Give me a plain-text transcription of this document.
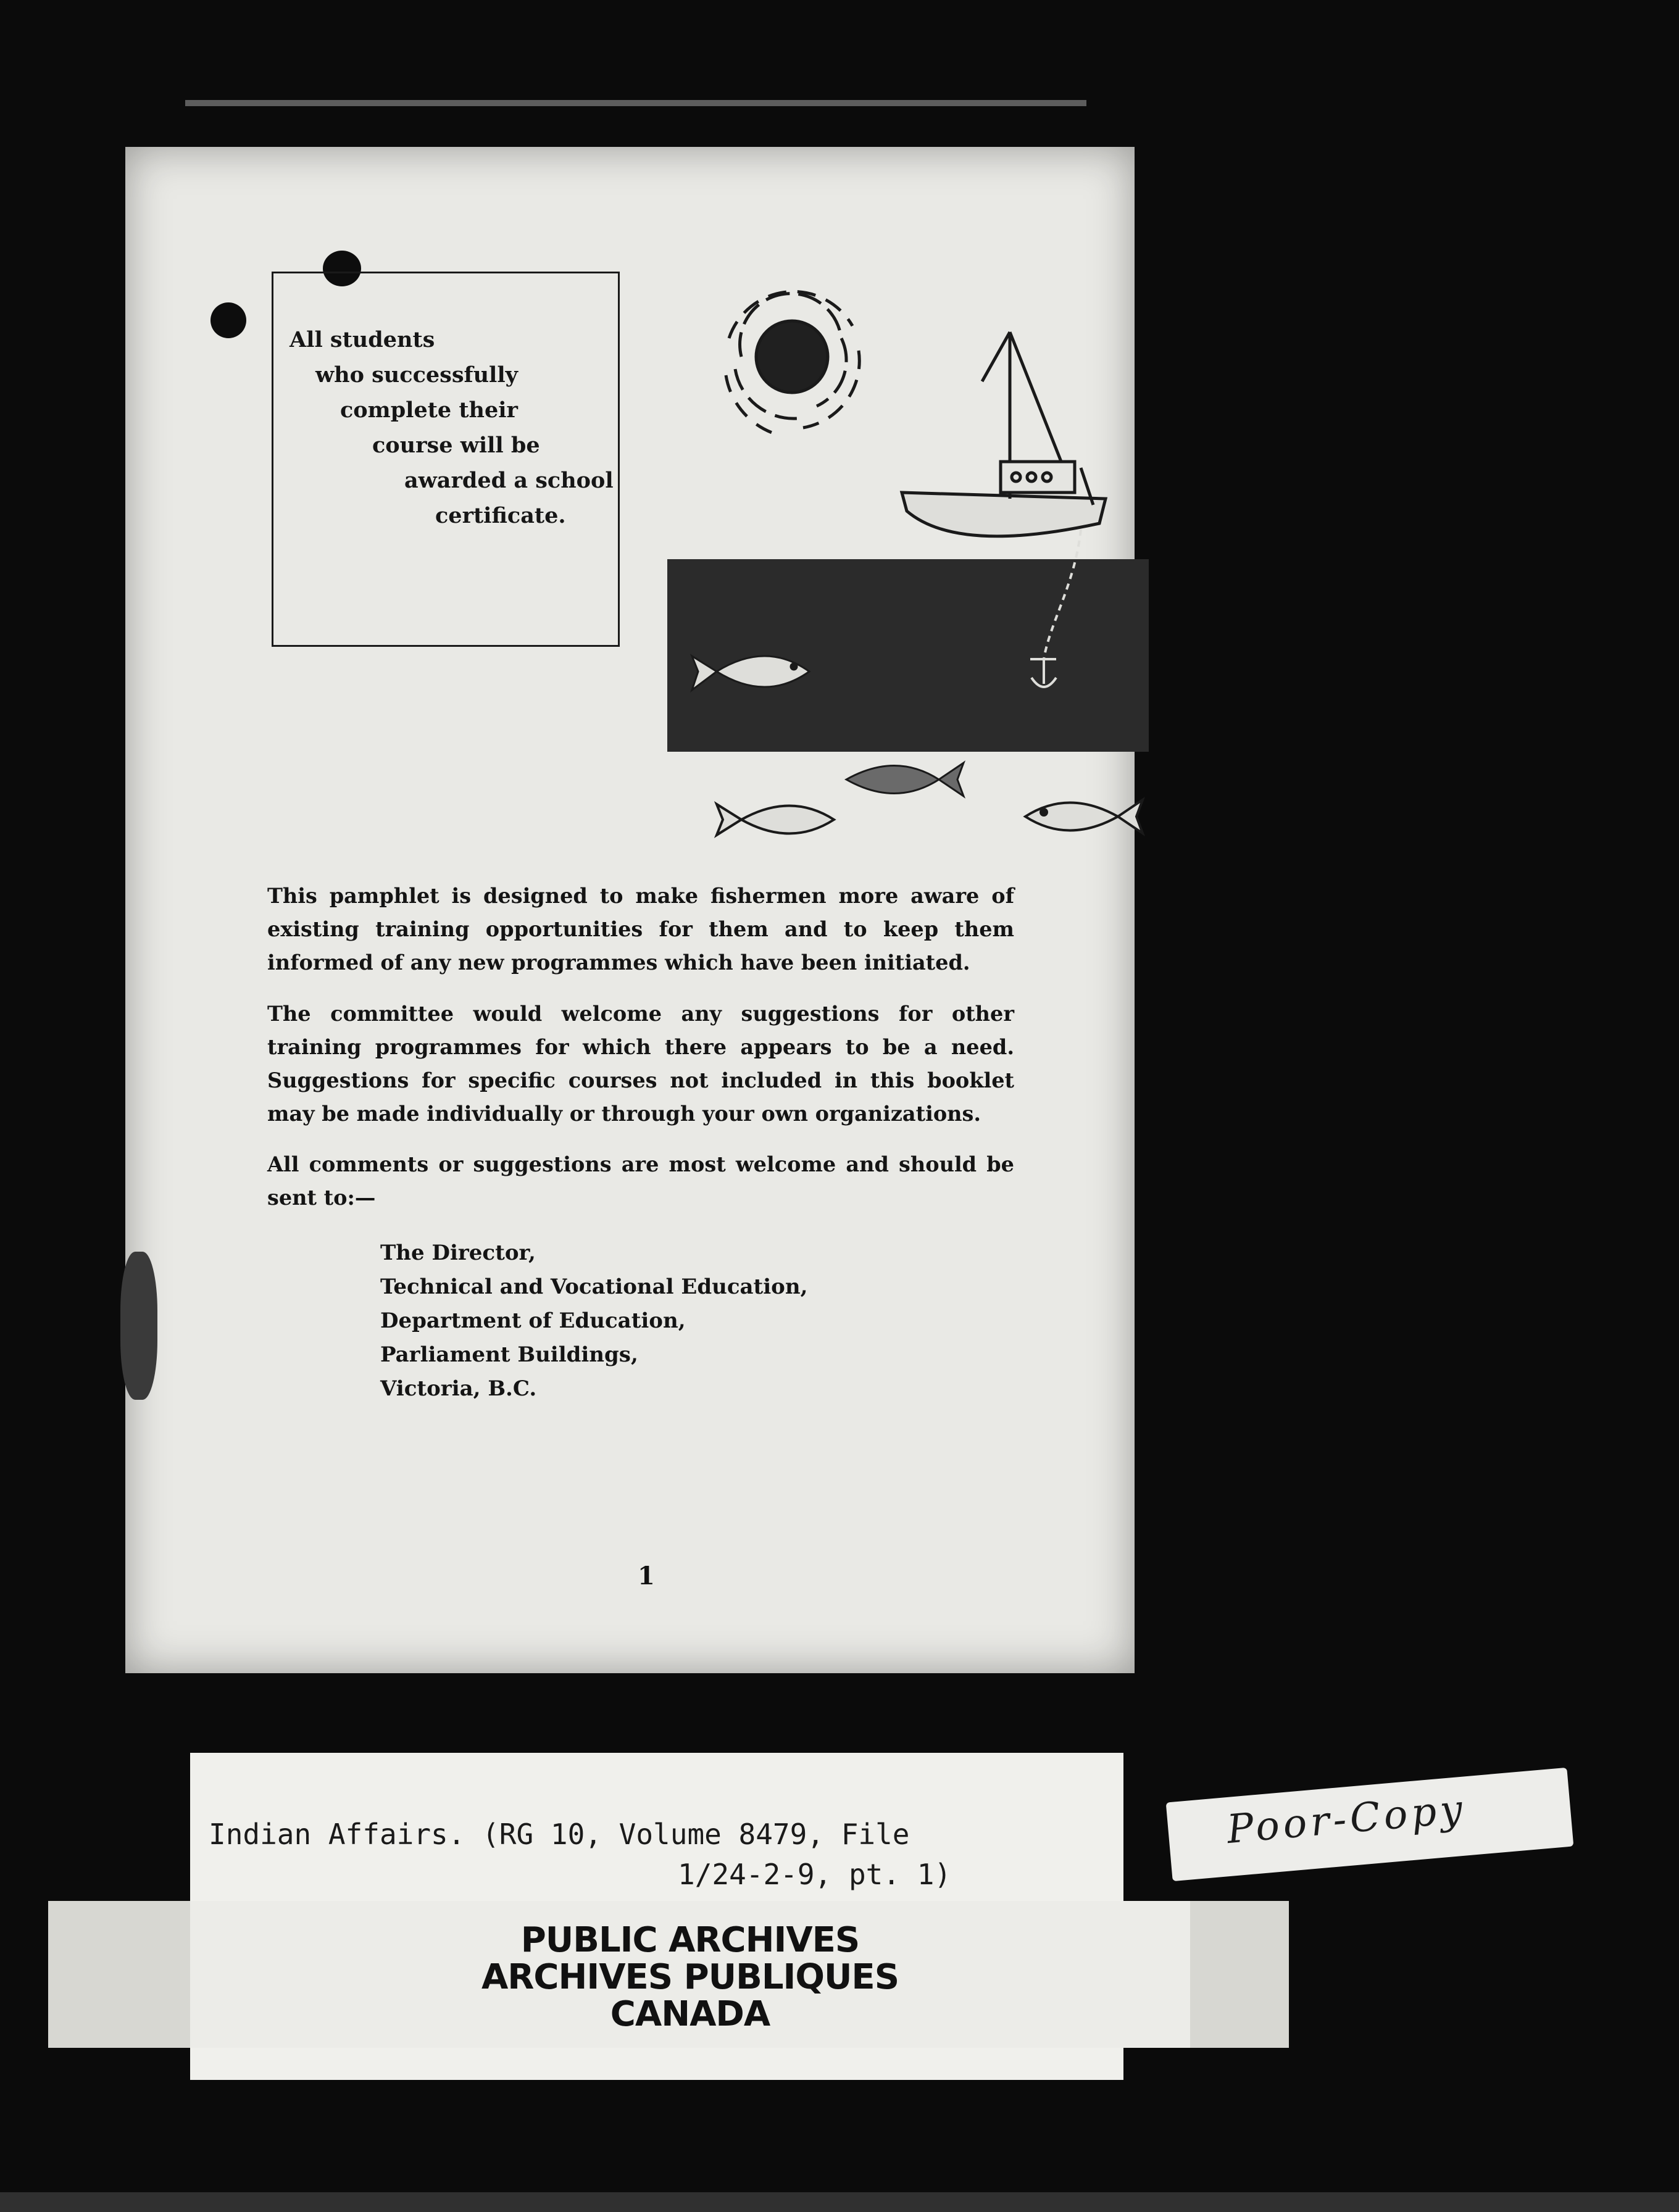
All students
who successfully
complete their
course will be
awarded a school
certificate.

This pamphlet is designed to make fishermen more aware of existing training opportunities for them and to keep them informed of any new programmes which have been initiated.

The committee would welcome any suggestions for other training programmes for which there appears to be a need. Suggestions for specific courses not included in this booklet may be made individually or through your own organizations.

All comments or suggestions are most welcome and should be sent to:—

The Director,
Technical and Vocational Education,
Department of Education,
Parliament Buildings,
Victoria, B.C.
1
Indian Affairs. (RG 10, Volume 8479, File
1/24-2-9, pt. 1)
PUBLIC ARCHIVES
ARCHIVES PUBLIQUES
CANADA
Poor-Copy
